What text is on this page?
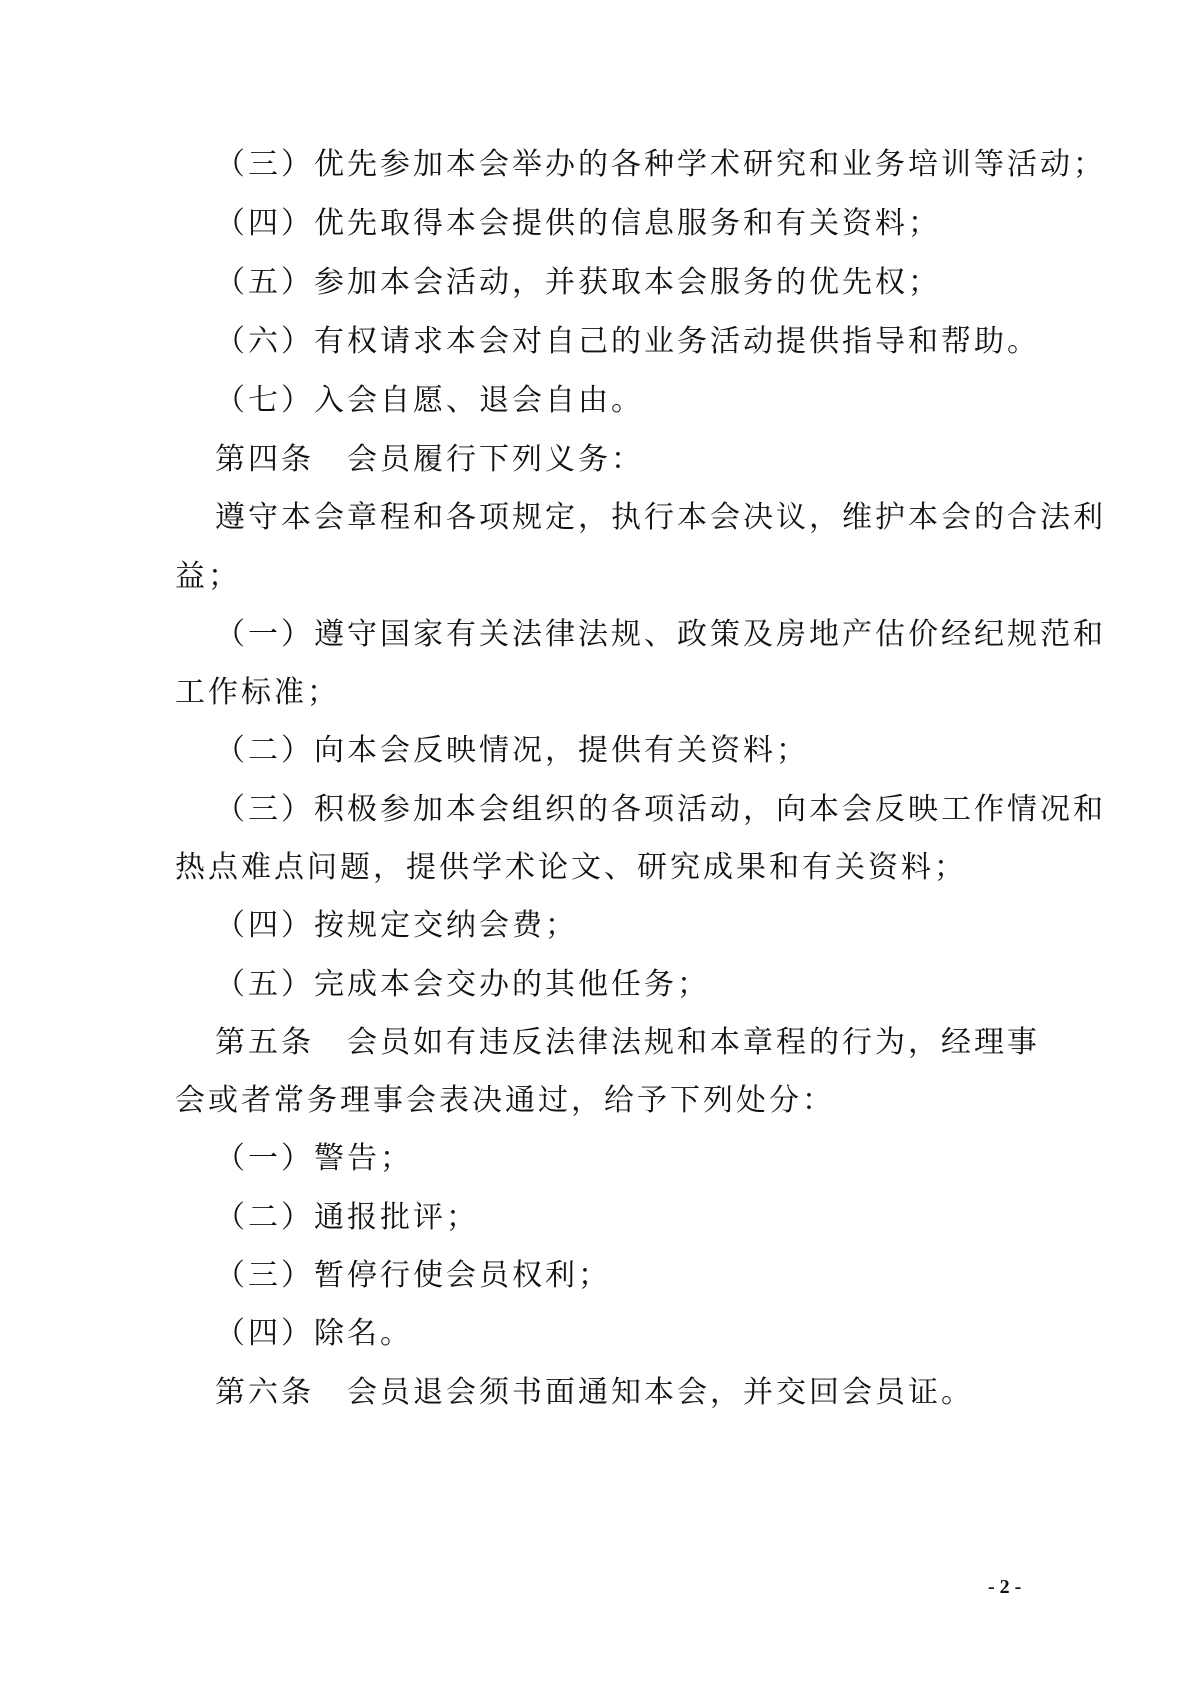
（三）优先参加本会举办的各种学术研究和业务培训等活动；
（四）优先取得本会提供的信息服务和有关资料；
（五）参加本会活动，并获取本会服务的优先权；
（六）有权请求本会对自己的业务活动提供指导和帮助。
（七）入会自愿、退会自由。
第四条　会员履行下列义务：
遵守本会章程和各项规定，执行本会决议，维护本会的合法利
益；
（一）遵守国家有关法律法规、政策及房地产估价经纪规范和
工作标准；
（二）向本会反映情况，提供有关资料；
（三）积极参加本会组织的各项活动，向本会反映工作情况和
热点难点问题，提供学术论文、研究成果和有关资料；
（四）按规定交纳会费；
（五）完成本会交办的其他任务；
第五条　会员如有违反法律法规和本章程的行为，经理事
会或者常务理事会表决通过，给予下列处分：
（一）警告；
（二）通报批评；
（三）暂停行使会员权利；
（四）除名。
第六条　会员退会须书面通知本会，并交回会员证。
- 2 -
